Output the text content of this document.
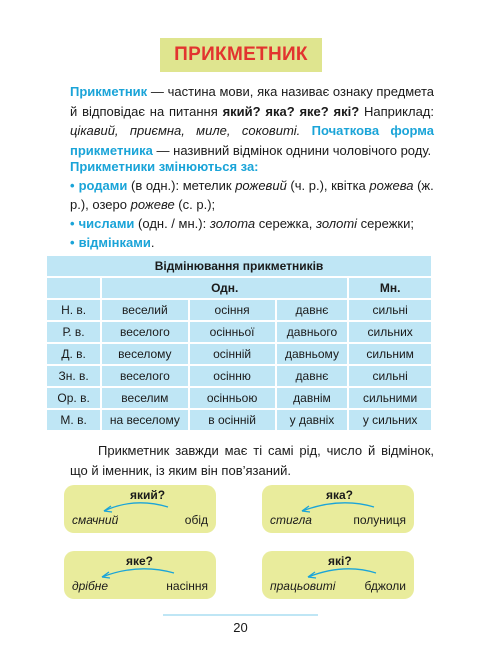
ПРИКМЕТНИК
Прикметник — частина мови, яка називає ознаку предмета й відповідає на питання який? яка? яке? які? Наприклад: цікавий, приємна, миле, соковиті. Початкова форма прикметника — називний відмінок однини чоловічого роду.
Прикметники змінюються за:
• родами (в одн.): метелик рожевий (ч. р.), квітка рожева (ж. р.), озеро рожеве (с. р.);
• числами (одн. / мн.): золота сережка, золоті сережки;
• відмінками.
Відмінювання прикметників				
	Одн.			Мн.
Н. в.	веселий	осіння	давнє	сильні
Р. в.	веселого	осінньої	давнього	сильних
Д. в.	веселому	осінній	давньому	сильним
Зн. в.	веселого	осінню	давнє	сильні
Ор. в.	веселим	осінньою	давнім	сильними
М. в.	на веселому	в осінній	у давніх	у сильних
Прикметник завжди має ті самі рід, число й відмінок, що й іменник, із яким він пов’язаний.
який?
смачний	обід
яка?
стигла	полуниця
яке?
дрібне	насіння
які?
працьовиті бджоли
20
